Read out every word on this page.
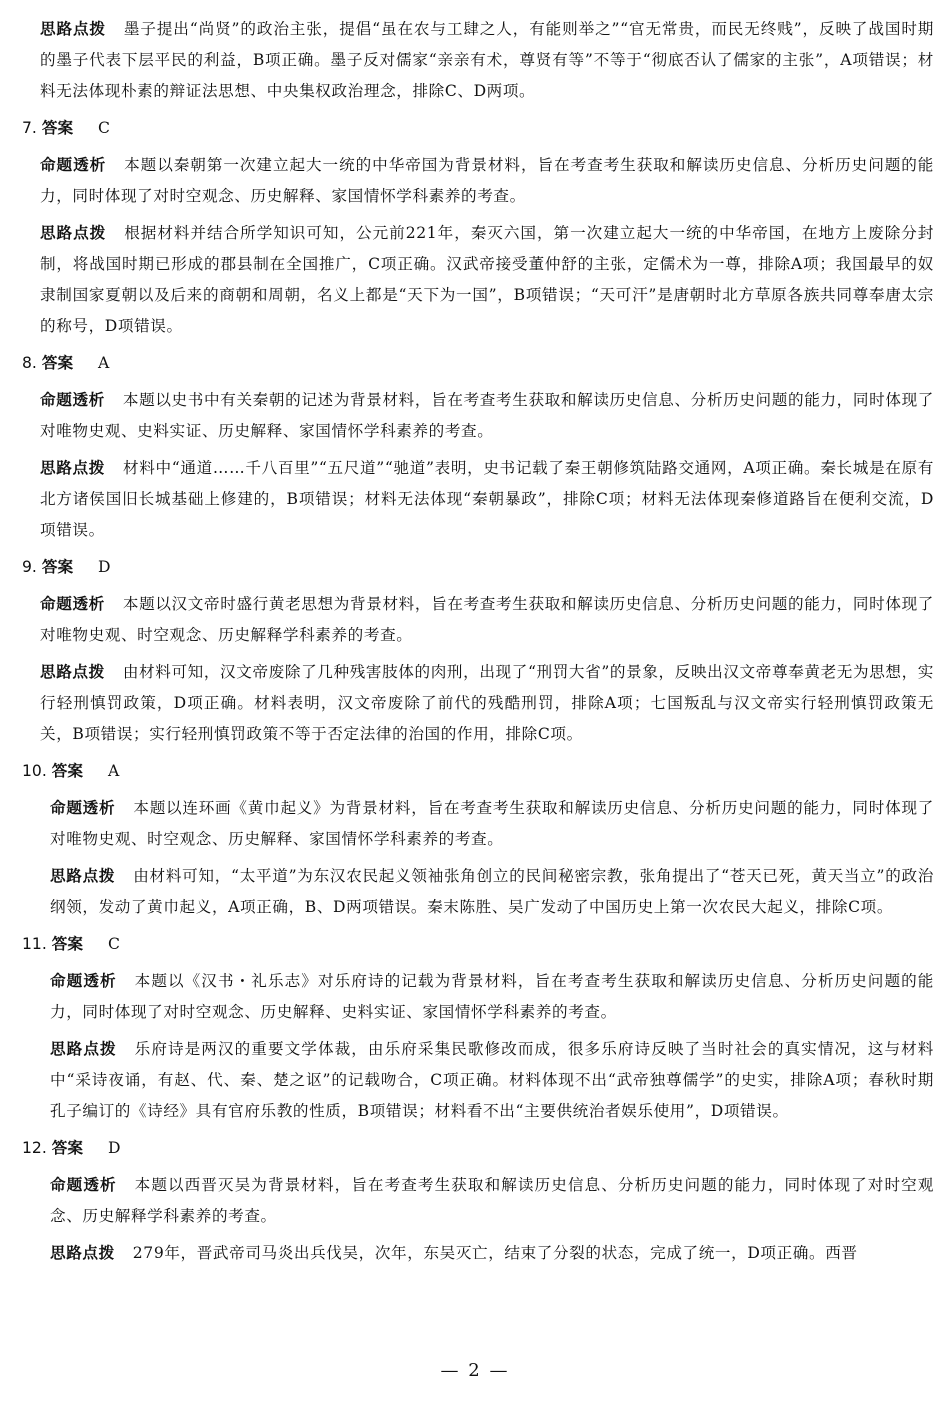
思路点拨 墨子提出“尚贤”的政治主张，提倡“虽在农与工肆之人，有能则举之”“官无常贵，而民无终贱”，反映了战国时期的墨子代表下层平民的利益，B项正确。墨子反对儒家“亲亲有术，尊贤有等”不等于“彻底否认了儒家的主张”，A项错误；材料无法体现朴素的辩证法思想、中央集权政治理念，排除C、D两项。

7. 答案 C

命题透析 本题以秦朝第一次建立起大一统的中华帝国为背景材料，旨在考查考生获取和解读历史信息、分析历史问题的能力，同时体现了对时空观念、历史解释、家国情怀学科素养的考查。

思路点拨 根据材料并结合所学知识可知，公元前221年，秦灭六国，第一次建立起大一统的中华帝国，在地方上废除分封制，将战国时期已形成的郡县制在全国推广，C项正确。汉武帝接受董仲舒的主张，定儒术为一尊，排除A项；我国最早的奴隶制国家夏朝以及后来的商朝和周朝，名义上都是“天下为一国”，B项错误；“天可汗”是唐朝时北方草原各族共同尊奉唐太宗的称号，D项错误。

8. 答案 A

命题透析 本题以史书中有关秦朝的记述为背景材料，旨在考查考生获取和解读历史信息、分析历史问题的能力，同时体现了对唯物史观、史料实证、历史解释、家国情怀学科素养的考查。

思路点拨 材料中“通道……千八百里”“五尺道”“驰道”表明，史书记载了秦王朝修筑陆路交通网，A项正确。秦长城是在原有北方诸侯国旧长城基础上修建的，B项错误；材料无法体现“秦朝暴政”，排除C项；材料无法体现秦修道路旨在便利交流，D项错误。

9. 答案 D

命题透析 本题以汉文帝时盛行黄老思想为背景材料，旨在考查考生获取和解读历史信息、分析历史问题的能力，同时体现了对唯物史观、时空观念、历史解释学科素养的考查。

思路点拨 由材料可知，汉文帝废除了几种残害肢体的肉刑，出现了“刑罚大省”的景象，反映出汉文帝尊奉黄老无为思想，实行轻刑慎罚政策，D项正确。材料表明，汉文帝废除了前代的残酷刑罚，排除A项；七国叛乱与汉文帝实行轻刑慎罚政策无关，B项错误；实行轻刑慎罚政策不等于否定法律的治国的作用，排除C项。

10. 答案 A

命题透析 本题以连环画《黄巾起义》为背景材料，旨在考查考生获取和解读历史信息、分析历史问题的能力，同时体现了对唯物史观、时空观念、历史解释、家国情怀学科素养的考查。

思路点拨 由材料可知，“太平道”为东汉农民起义领袖张角创立的民间秘密宗教，张角提出了“苍天已死，黄天当立”的政治纲领，发动了黄巾起义，A项正确，B、D两项错误。秦末陈胜、吴广发动了中国历史上第一次农民大起义，排除C项。

11. 答案 C

命题透析 本题以《汉书・礼乐志》对乐府诗的记载为背景材料，旨在考查考生获取和解读历史信息、分析历史问题的能力，同时体现了对时空观念、历史解释、史料实证、家国情怀学科素养的考查。

思路点拨 乐府诗是两汉的重要文学体裁，由乐府采集民歌修改而成，很多乐府诗反映了当时社会的真实情况，这与材料中“采诗夜诵，有赵、代、秦、楚之讴”的记载吻合，C项正确。材料体现不出“武帝独尊儒学”的史实，排除A项；春秋时期孔子编订的《诗经》具有官府乐教的性质，B项错误；材料看不出“主要供统治者娱乐使用”，D项错误。

12. 答案 D

命题透析 本题以西晋灭吴为背景材料，旨在考查考生获取和解读历史信息、分析历史问题的能力，同时体现了对时空观念、历史解释学科素养的考查。

思路点拨 279年，晋武帝司马炎出兵伐吴，次年，东吴灭亡，结束了分裂的状态，完成了统一，D项正确。西晋

— 2 —
